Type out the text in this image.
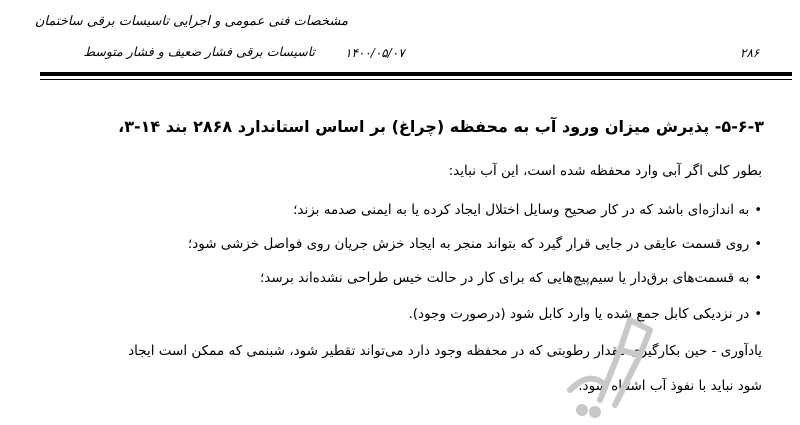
مشخصات فنی عمومی و اجرایی تاسیسات برقی ساختمان
تاسیسات برقی فشار ضعیف و فشار متوسط	۱۴۰۰/۰۵/۰۷	۲۸۶
۵-۶-۳- پذیرش میزان ورود آب به محفظه (چراغ) بر اساس استاندارد ۲۸۶۸ بند ۱۴-۳،
بطور کلی اگر آبی وارد محفظه شده است، این آب نباید:
•به اندازه‌ای باشد که در کار صحیح وسایل اختلال ایجاد کرده یا به ایمنی صدمه بزند؛
•روی قسمت عایقی در جایی قرار گیرد که بتواند منجر به ایجاد خزش جریان روی فواصل خزشی شود؛
•به قسمت‌های برق‌دار یا سیم‌پیچ‌هایی که برای کار در حالت خیس طراحی نشده‌اند برسد؛
•در نزدیکی کابل جمع شده یا وارد کابل شود (درصورت وجود).
یادآوری - حین بکارگیری مقدار رطوبتی که در محفظه وجود دارد می‌تواند تقطیر شود، شبنمی که ممکن است ایجاد
شود نباید با نفوذ آب اشتباه شود.
